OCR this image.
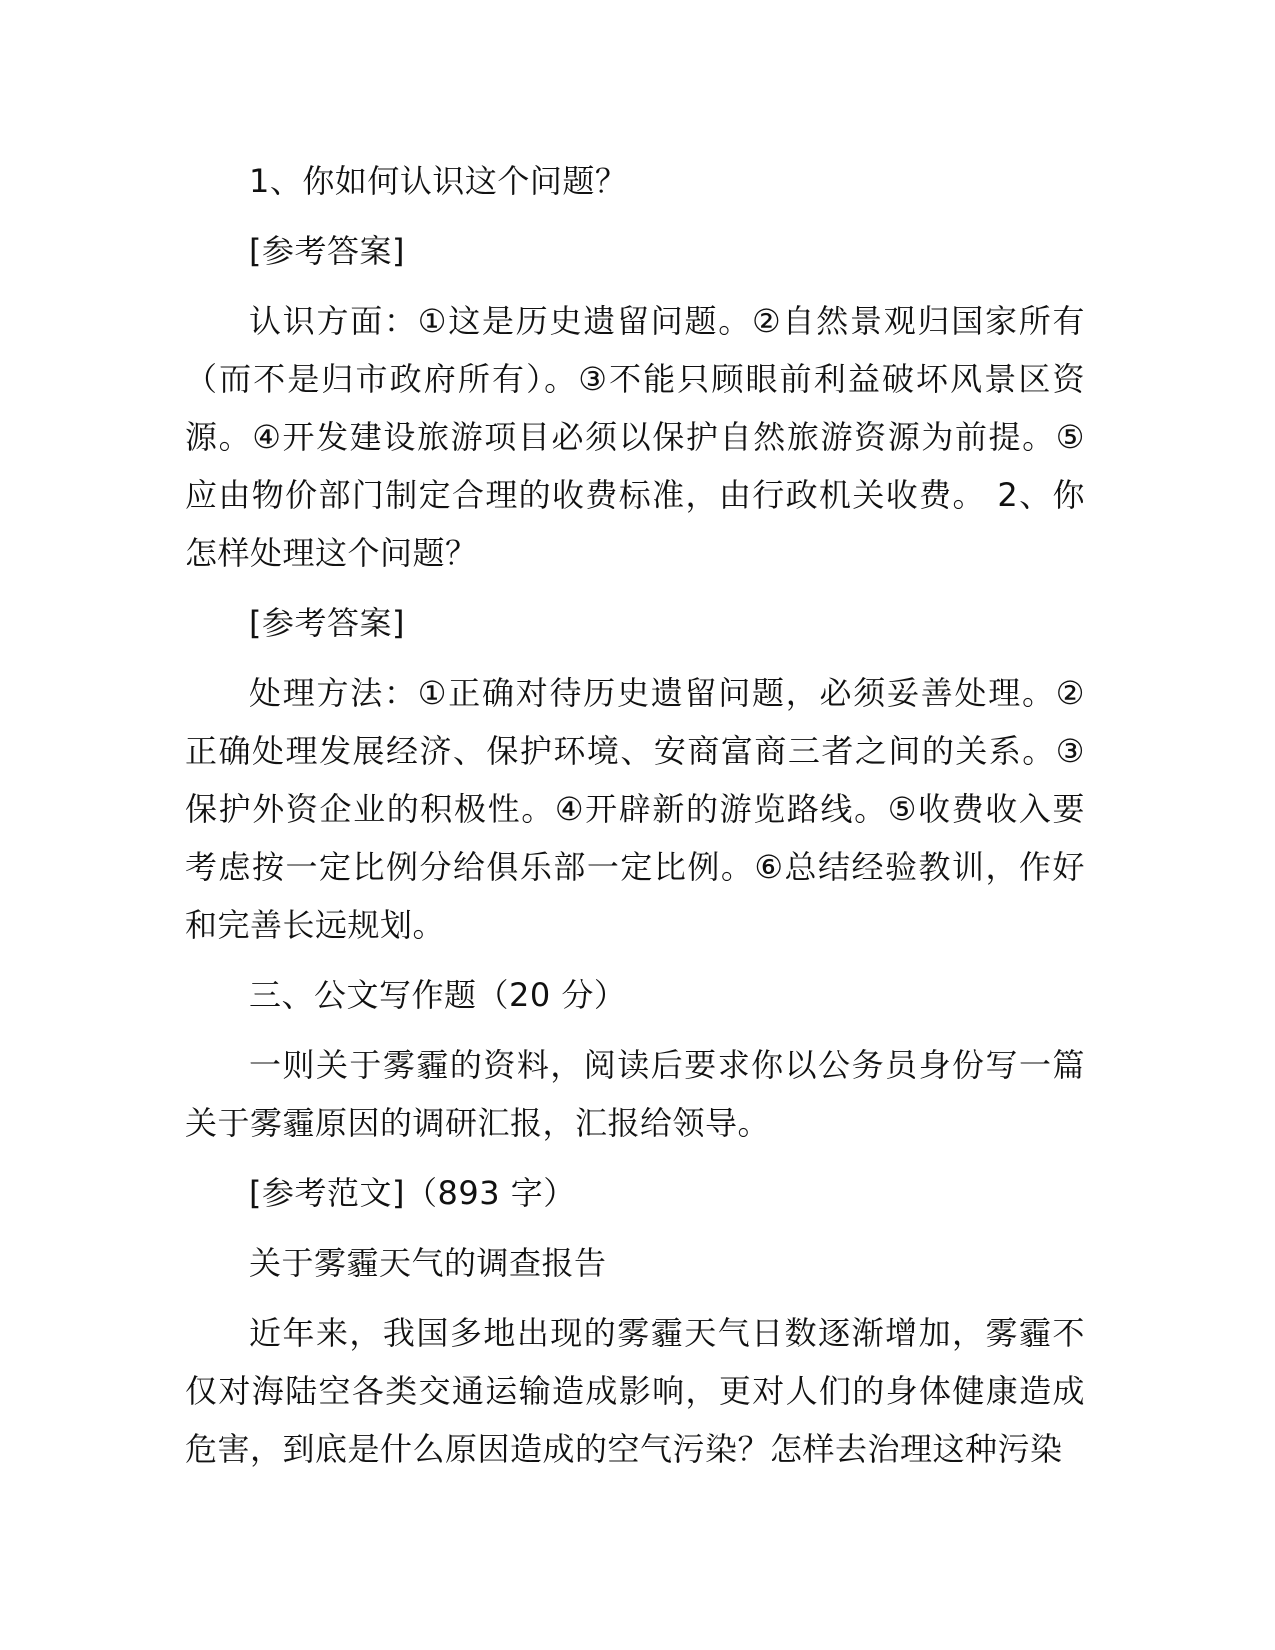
1、你如何认识这个问题？

[参考答案]

认识方面：①这是历史遗留问题。②自然景观归国家所有（而不是归市政府所有）。③不能只顾眼前利益破坏风景区资源。④开发建设旅游项目必须以保护自然旅游资源为前提。⑤应由物价部门制定合理的收费标准，由行政机关收费。 2、你怎样处理这个问题？

[参考答案]

处理方法：①正确对待历史遗留问题，必须妥善处理。②正确处理发展经济、保护环境、安商富商三者之间的关系。③保护外资企业的积极性。④开辟新的游览路线。⑤收费收入要考虑按一定比例分给俱乐部一定比例。⑥总结经验教训，作好和完善长远规划。

三、公文写作题（20 分）

一则关于雾霾的资料，阅读后要求你以公务员身份写一篇关于雾霾原因的调研汇报，汇报给领导。

[参考范文]（893 字）

关于雾霾天气的调查报告

近年来，我国多地出现的雾霾天气日数逐渐增加，雾霾不仅对海陆空各类交通运输造成影响，更对人们的身体健康造成危害，到底是什么原因造成的空气污染？怎样去治理这种污染
